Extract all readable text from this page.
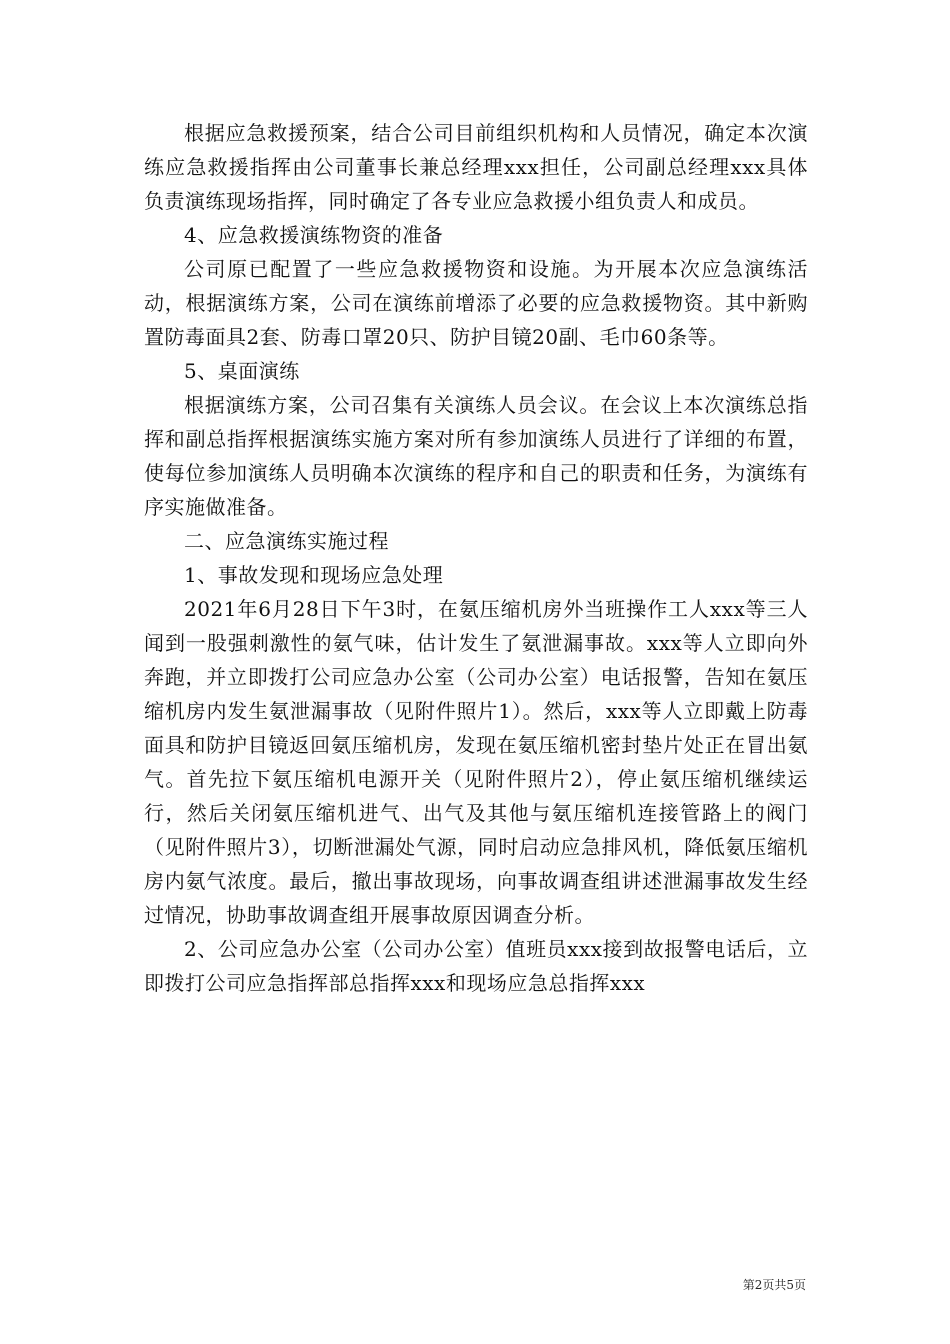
根据应急救援预案，结合公司目前组织机构和人员情况，确定本次演练应急救援指挥由公司董事长兼总经理xxx担任，公司副总经理xxx具体负责演练现场指挥，同时确定了各专业应急救援小组负责人和成员。

4、应急救援演练物资的准备

公司原已配置了一些应急救援物资和设施。为开展本次应急演练活动，根据演练方案，公司在演练前增添了必要的应急救援物资。其中新购置防毒面具2套、防毒口罩20只、防护目镜20副、毛巾60条等。

5、桌面演练

根据演练方案，公司召集有关演练人员会议。在会议上本次演练总指挥和副总指挥根据演练实施方案对所有参加演练人员进行了详细的布置，使每位参加演练人员明确本次演练的程序和自己的职责和任务，为演练有序实施做准备。

二、应急演练实施过程

1、事故发现和现场应急处理

2021年6月28日下午3时，在氨压缩机房外当班操作工人xxx等三人闻到一股强刺激性的氨气味，估计发生了氨泄漏事故。xxx等人立即向外奔跑，并立即拨打公司应急办公室（公司办公室）电话报警，告知在氨压缩机房内发生氨泄漏事故（见附件照片1）。然后，xxx等人立即戴上防毒面具和防护目镜返回氨压缩机房，发现在氨压缩机密封垫片处正在冒出氨气。首先拉下氨压缩机电源开关（见附件照片2），停止氨压缩机继续运行，然后关闭氨压缩机进气、出气及其他与氨压缩机连接管路上的阀门（见附件照片3），切断泄漏处气源，同时启动应急排风机，降低氨压缩机房内氨气浓度。最后，撤出事故现场，向事故调查组讲述泄漏事故发生经过情况，协助事故调查组开展事故原因调查分析。

2、公司应急办公室（公司办公室）值班员xxx接到故报警电话后，立即拨打公司应急指挥部总指挥xxx和现场应急总指挥xxx

第2页共5页
